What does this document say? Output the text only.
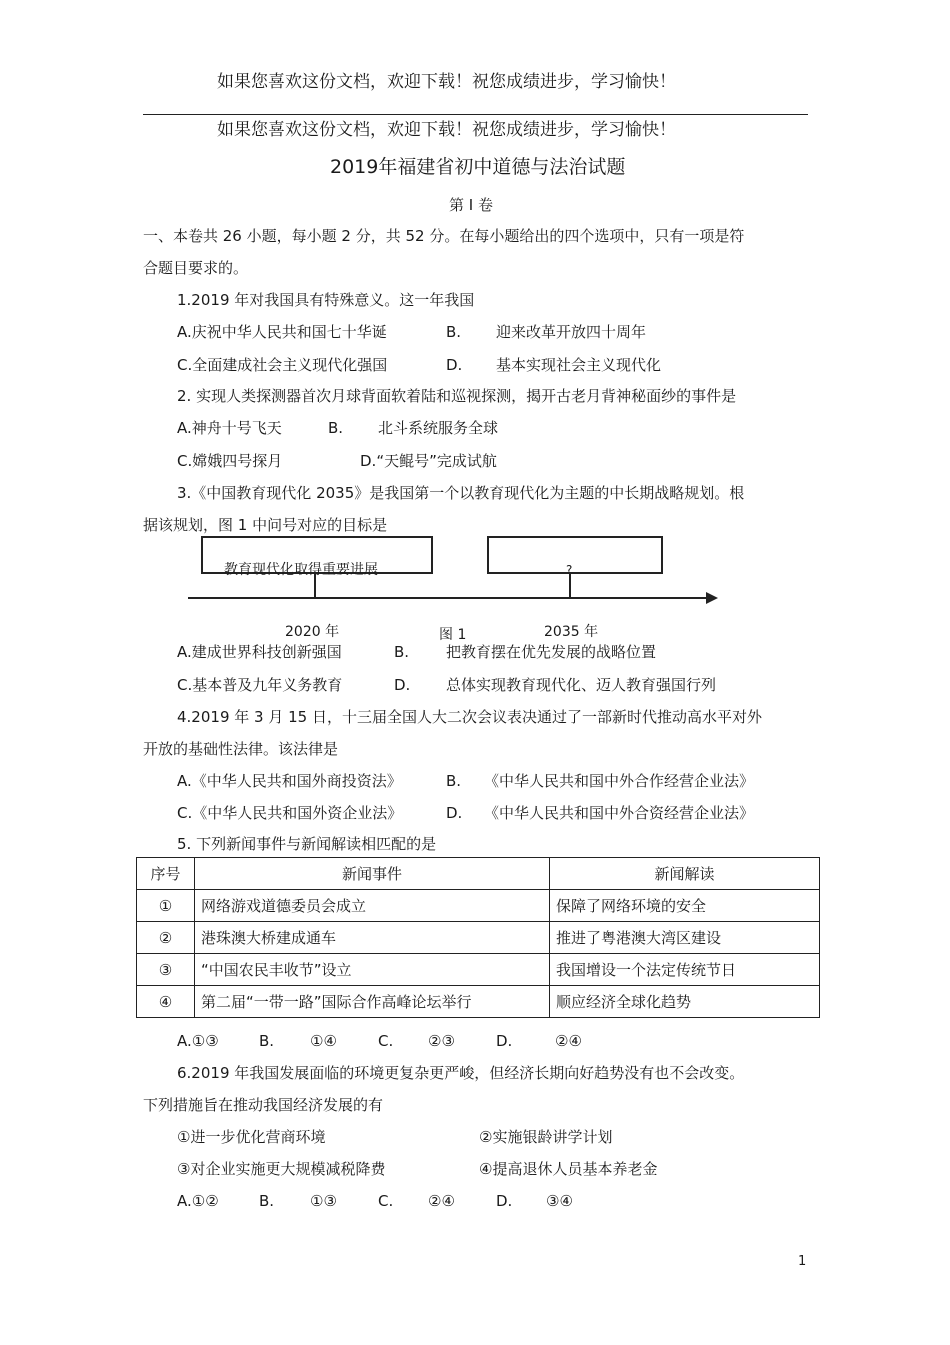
如果您喜欢这份文档，欢迎下载！祝您成绩进步，学习愉快！
如果您喜欢这份文档，欢迎下载！祝您成绩进步，学习愉快！
2019年福建省初中道德与法治试题
第 I 卷
一、本卷共 26 小题，每小题 2 分，共 52 分。在每小题给出的四个选项中，只有一项是符
合题目要求的。
1.2019 年对我国具有特殊意义。这一年我国
A.庆祝中华人民共和国七十华诞	B. 迎来改革开放四十周年
C.全面建成社会主义现代化强国	D. 基本实现社会主义现代化
2. 实现人类探测器首次月球背面软着陆和巡视探测，揭开古老月背神秘面纱的事件是
A.神舟十号飞天	B. 北斗系统服务全球
C.嫦娥四号探月	D.“天鲲号”完成试航
3.《中国教育现代化 2035》是我国第一个以教育现代化为主题的中长期战略规划。根
据该规划，图 1 中问号对应的目标是
教育现代化取得重要进展	?
2020 年	图 1	2035 年
A.建成世界科技创新强国	B. 把教育摆在优先发展的战略位置
C.基本普及九年义务教育	D. 总体实现教育现代化、迈人教育强国行列
4.2019 年 3 月 15 日，十三届全国人大二次会议表决通过了一部新时代推动高水平对外
开放的基础性法律。该法律是
A.《中华人民共和国外商投资法》	B. 《中华人民共和国中外合作经营企业法》
C.《中华人民共和国外资企业法》	D. 《中华人民共和国中外合资经营企业法》
5. 下列新闻事件与新闻解读相匹配的是
序号	新闻事件	新闻解读
①	网络游戏道德委员会成立	保障了网络环境的安全
②	港珠澳大桥建成通车	推进了粤港澳大湾区建设
③	“中国农民丰收节”设立	我国增设一个法定传统节日
④	第二届“一带一路”国际合作高峰论坛举行	顺应经济全球化趋势
A.①③	B. ①④	C. ②③	D.	②④
6.2019 年我国发展面临的环境更复杂更严峻，但经济长期向好趋势没有也不会改变。
下列措施旨在推动我国经济发展的有
①进一步优化营商环境	②实施银龄讲学计划
③对企业实施更大规模减税降费	④提高退休人员基本养老金
A.①②	B. ①③	C. ②④	D. ③④
1
